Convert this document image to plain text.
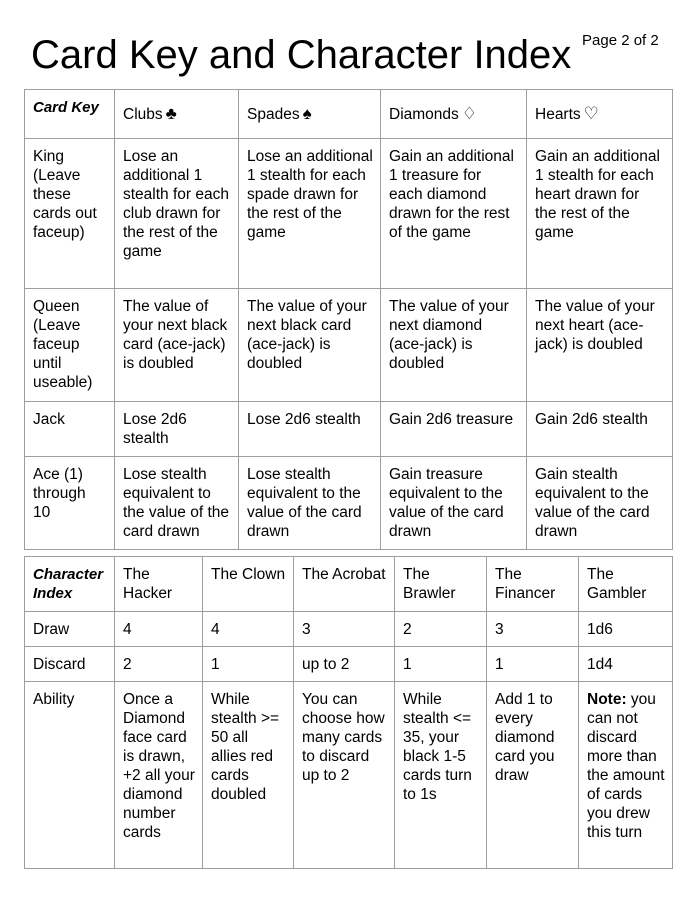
Card Key and Character Index Page 2 of 2
Card Key	Clubs ♣	Spades ♠	Diamonds ♢	Hearts ♡
King (Leave these cards out faceup)	Lose an additional 1 stealth for each club drawn for the rest of the game	Lose an additional 1 stealth for each spade drawn for the rest of the game	Gain an additional 1 treasure for each diamond drawn for the rest of the game	Gain an additional 1 stealth for each heart drawn for the rest of the game
Queen (Leave faceup until useable)	The value of your next black card (ace-jack) is doubled	The value of your next black card (ace-jack) is doubled	The value of your next diamond (ace-jack) is doubled	The value of your next heart (ace-jack) is doubled
Jack	Lose 2d6 stealth	Lose 2d6 stealth	Gain 2d6 treasure	Gain 2d6 stealth
Ace (1) through 10	Lose stealth equivalent to the value of the card drawn	Lose stealth equivalent to the value of the card drawn	Gain treasure equivalent to the value of the card drawn	Gain stealth equivalent to the value of the card drawn
Character Index	The Hacker	The Clown	The Acrobat	The Brawler	The Financer	The Gambler
Draw	4	4	3	2	3	1d6
Discard	2	1	up to 2	1	1	1d4
Ability	Once a Diamond face card is drawn, +2 all your diamond number cards	While stealth >= 50 all allies red cards doubled	You can choose how many cards to discard up to 2	While stealth <= 35, your black 1-5 cards turn to 1s	Add 1 to every diamond card you draw	Note: you can not discard more than the amount of cards you drew this turn
